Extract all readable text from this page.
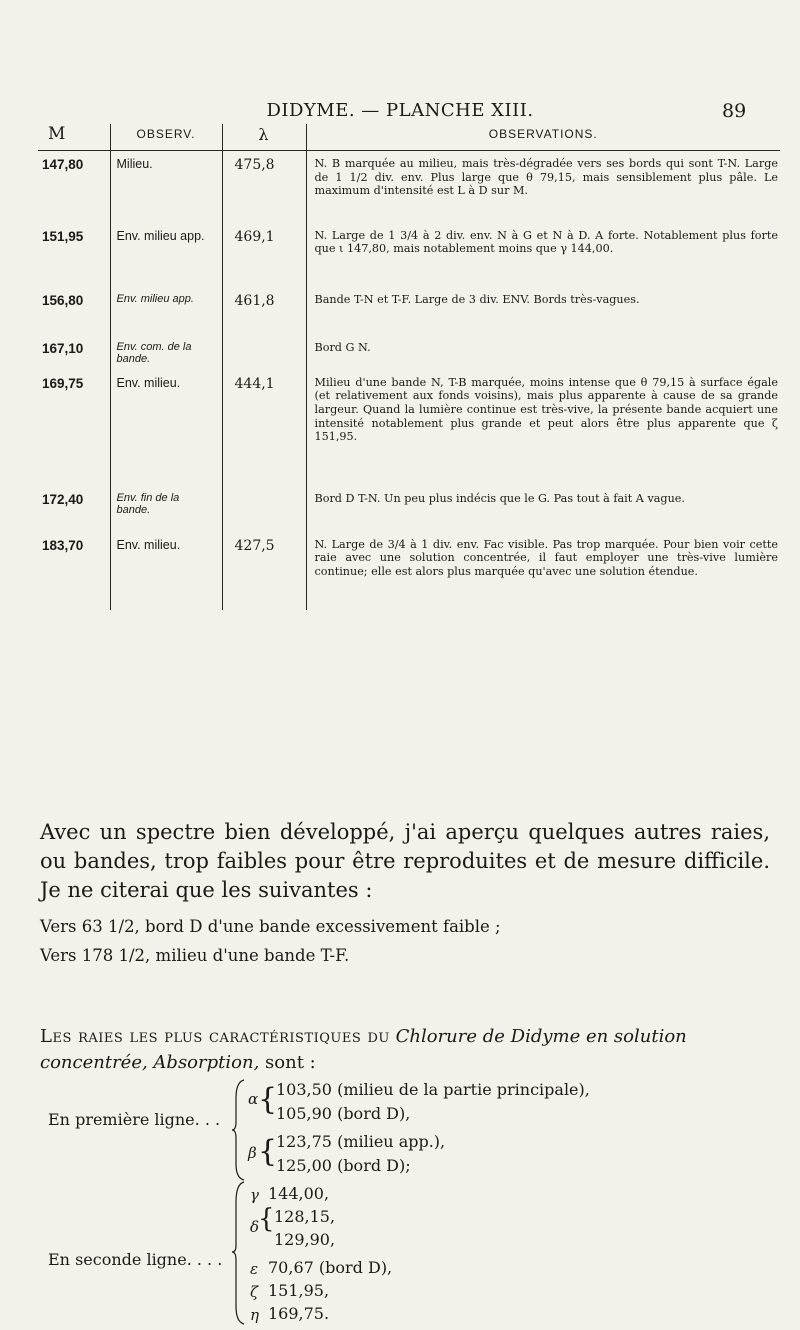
DIDYME. — PLANCHE XIII.	89
M	OBSERV.	λ	OBSERVATIONS.
147,80	Milieu.	475,8	N. B marquée au milieu, mais très-dégradée vers ses bords qui sont T-N. Large de 1 1/2 div. env. Plus large que θ 79,15, mais sensiblement plus pâle. Le maximum d'intensité est L à D sur M.
151,95	Env. milieu app.	469,1	N. Large de 1 3/4 à 2 div. env. N à G et N à D. A forte. Notablement plus forte que ι 147,80, mais notablement moins que γ 144,00.
156,80	Env. milieu app.	461,8	Bande T-N et T-F. Large de 3 div. ENV. Bords très-vagues.
167,10	Env. com. de la bande.		Bord G N.
169,75	Env. milieu.	444,1	Milieu d'une bande N, T-B marquée, moins intense que θ 79,15 à surface égale (et relativement aux fonds voisins), mais plus apparente à cause de sa grande largeur. Quand la lumière continue est très-vive, la présente bande acquiert une intensité notablement plus grande et peut alors être plus apparente que ζ 151,95.
172,40	Env. fin de la bande.		Bord D T-N. Un peu plus indécis que le G. Pas tout à fait A vague.
183,70	Env. milieu.	427,5	N. Large de 3/4 à 1 div. env. Fac visible. Pas trop marquée. Pour bien voir cette raie avec une solution concentrée, il faut employer une très-vive lumière continue; elle est alors plus marquée qu'avec une solution étendue.
Avec un spectre bien développé, j'ai aperçu quelques autres raies, ou bandes, trop faibles pour être reproduites et de mesure difficile. Je ne citerai que les suivantes :
Vers 63 1/2, bord D d'une bande excessivement faible ;
Vers 178 1/2, milieu d'une bande T-F.
Les raies les plus caractéristiques du Chlorure de Didyme en solution concentrée, Absorption, sont :
En première ligne. . .
α
β
{
{
103,50 (milieu de la partie principale),
105,90 (bord D),
123,75 (milieu app.),
125,00 (bord D);
En seconde ligne. . . .
γ
δ
{
ε
ζ
η
144,00,
128,15,
129,90,
70,67 (bord D),
151,95,
169,75.
